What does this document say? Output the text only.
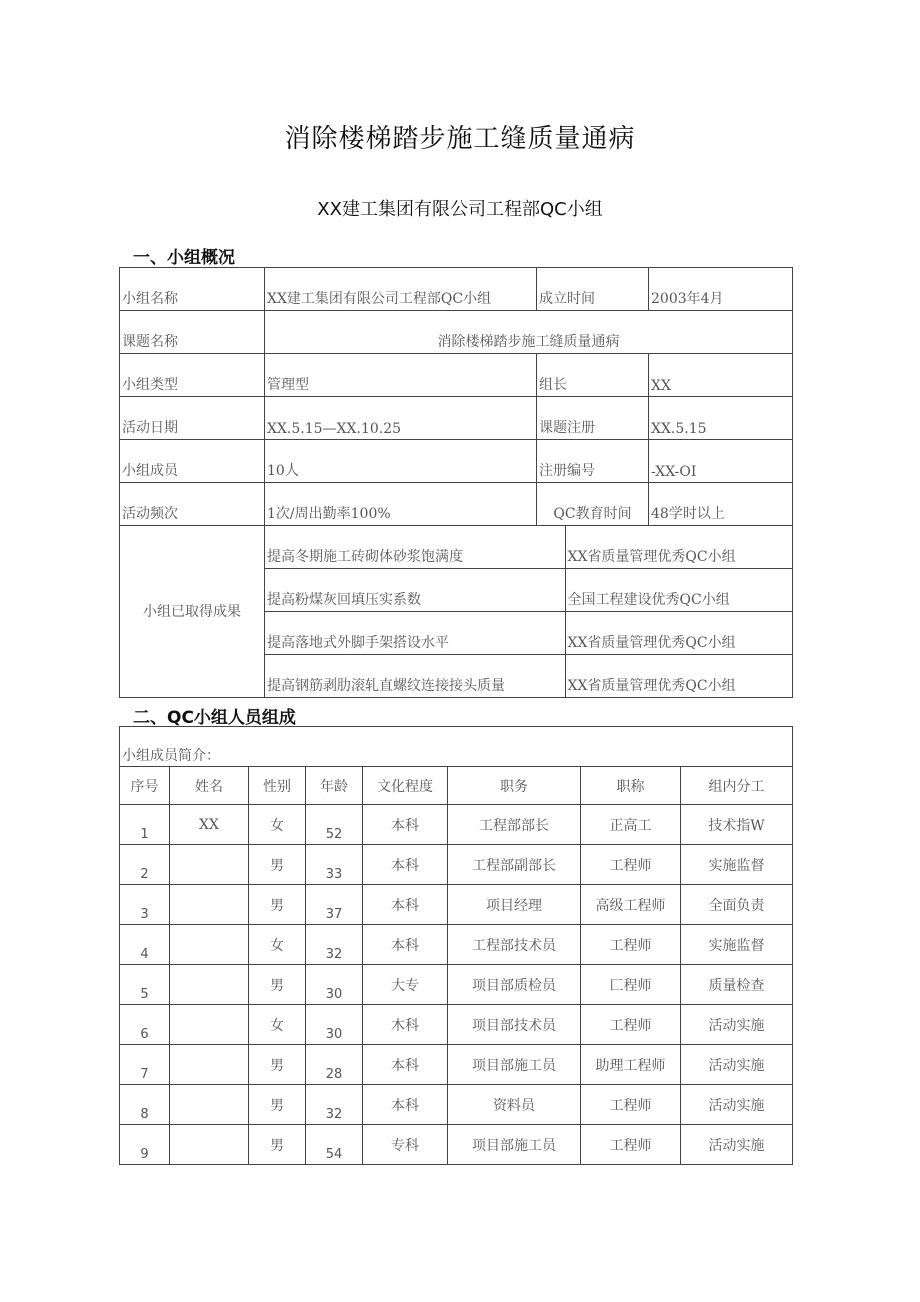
消除楼梯踏步施工缝质量通病
XX建工集团有限公司工程部QC小组
一、小组概况
小组名称	XX建工集团有限公司工程部QC小组	成立时间	2003年4月
课题名称	消除楼梯踏步施工缝质量通病
小组类型	管理型	组长	XX
活动日期	XX.5.15—XX.10.25	课题注册	XX.5.15
小组成员	10人	注册编号	-XX-OI
活动频次	1次/周出勤率100%	QC教育时间	48学时以上
小组已取得成果	
提高冬期施工砖砌体砂浆饱满度	XX省质量管理优秀QC小组
提高粉煤灰回填压实系数	全国工程建设优秀QC小组
提高落地式外脚手架搭设水平	XX省质量管理优秀QC小组
提高钢筋剥肋滚轧直螺纹连接接头质量	XX省质量管理优秀QC小组
二、QC小组人员组成
小组成员简介：							
序号	姓名	性别	年龄	文化程度	职务	职称	组内分工
1	XX	女	52	本科	工程部部长	正高工	技术指W
2		男	33	本科	工程部副部长	工程师	实施监督
3		男	37	本科	项目经理	高级工程师	全面负责
4		女	32	本科	工程部技术员	工程师	实施监督
5		男	30	大专	项目部质检员	匚程师	质量检查
6		女	30	木科	项目部技术员	工程师	活动实施
7		男	28	本科	项目部施工员	助理工程师	活动实施
8		男	32	本科	资料员	工程师	活动实施
9		男	54	专科	项目部施工员	工程师	活动实施
